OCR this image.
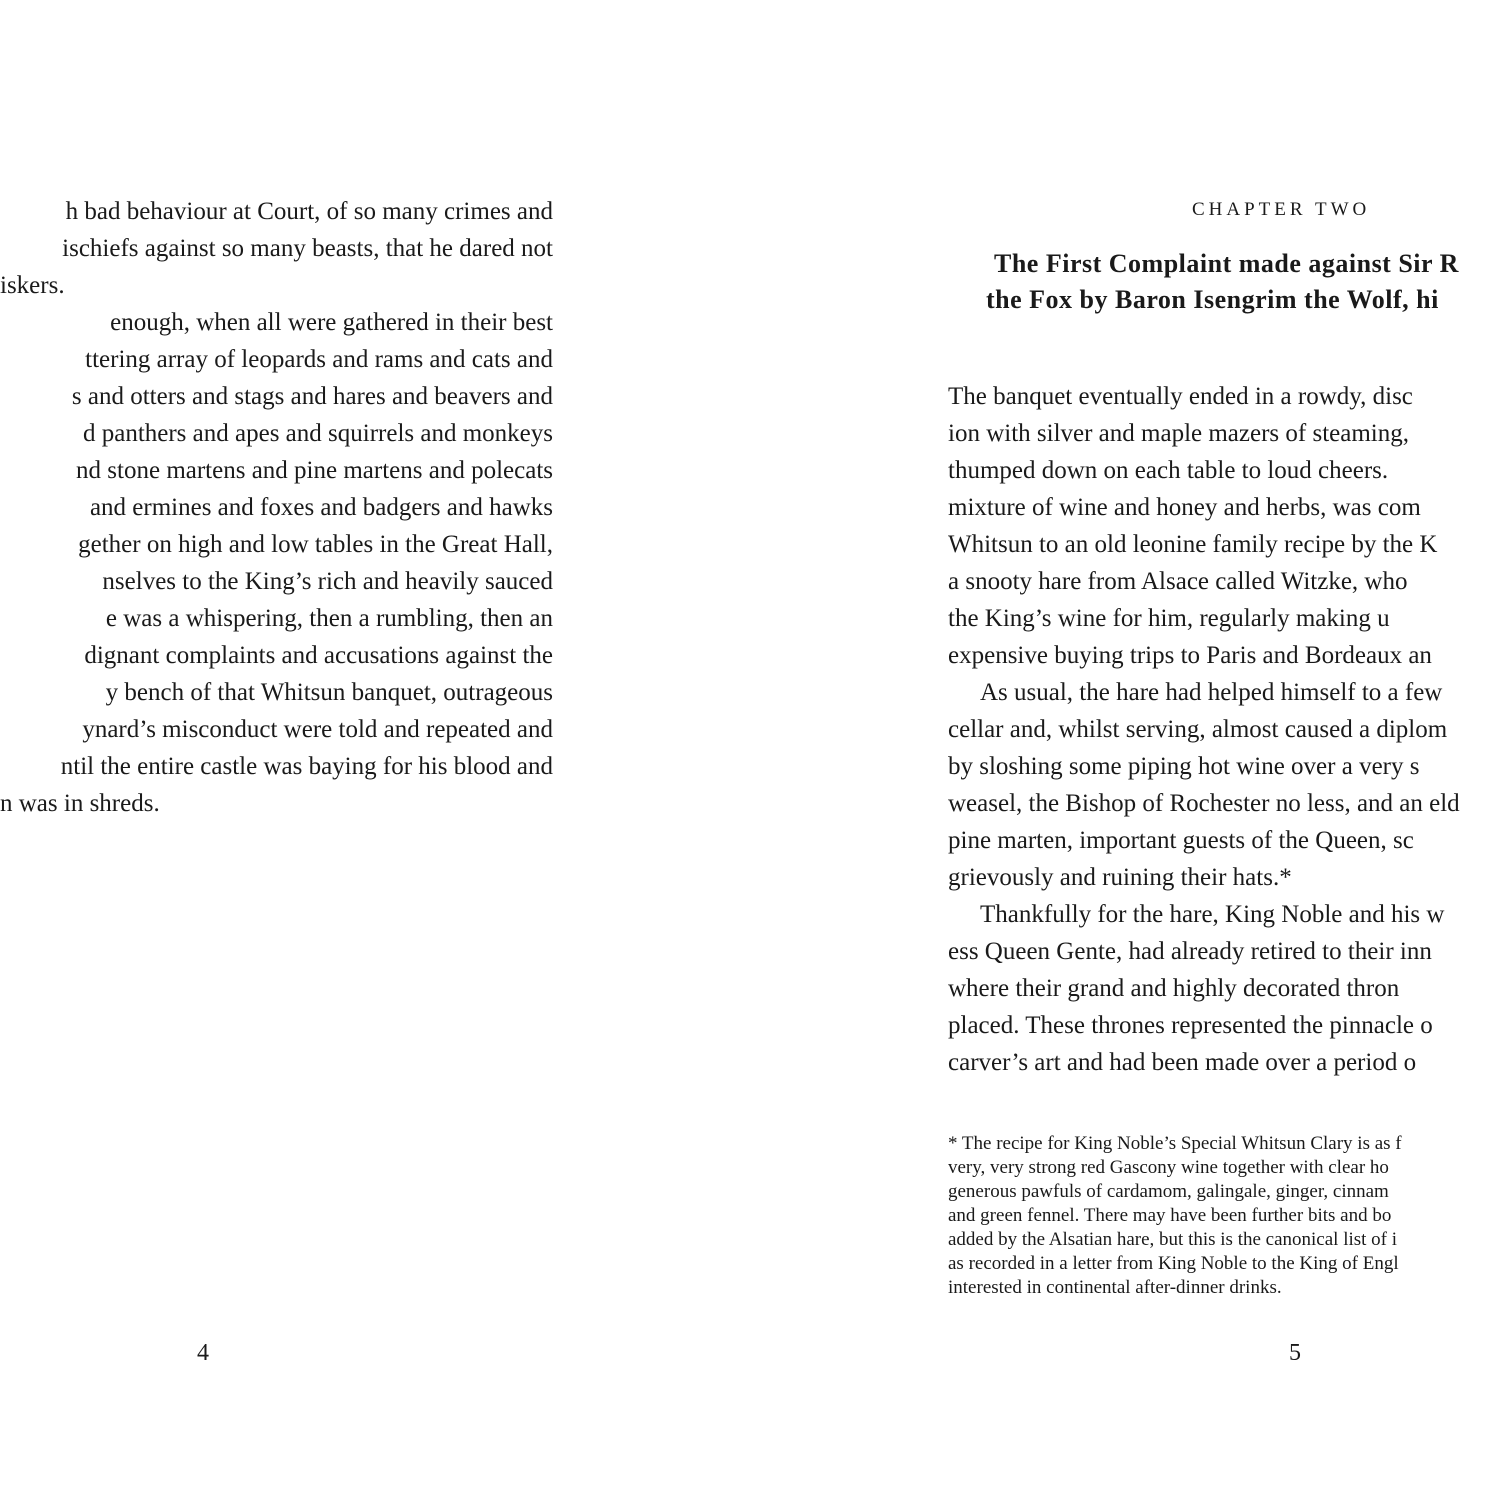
h bad behaviour at Court, of so many crimes and

ischiefs against so many beasts, that he dared not

iskers.

enough, when all were gathered in their best

ttering array of leopards and rams and cats and

s and otters and stags and hares and beavers and

d panthers and apes and squirrels and monkeys

nd stone martens and pine martens and polecats

and ermines and foxes and badgers and hawks

gether on high and low tables in the Great Hall,

nselves to the King’s rich and heavily sauced

e was a whispering, then a rumbling, then an

dignant complaints and accusations against the

y bench of that Whitsun banquet, outrageous

ynard’s misconduct were told and repeated and

ntil the entire castle was baying for his blood and

n was in shreds.

4

CHAPTER TWO

The First Complaint made against Sir R

the Fox by Baron Isengrim the Wolf, hi

The banquet eventually ended in a rowdy, disc

ion with silver and maple mazers of steaming,

thumped down on each table to loud cheers.

mixture of wine and honey and herbs, was com

Whitsun to an old leonine family recipe by the K

a snooty hare from Alsace called Witzke, who

the King’s wine for him, regularly making u

expensive buying trips to Paris and Bordeaux an

As usual, the hare had helped himself to a few

cellar and, whilst serving, almost caused a diplom

by sloshing some piping hot wine over a very s

weasel, the Bishop of Rochester no less, and an eld

pine marten, important guests of the Queen, sc

grievously and ruining their hats.*

Thankfully for the hare, King Noble and his w

ess Queen Gente, had already retired to their inn

where their grand and highly decorated thron

placed. These thrones represented the pinnacle o

carver’s art and had been made over a period o

* The recipe for King Noble’s Special Whitsun Clary is as f

very, very strong red Gascony wine together with clear ho

generous pawfuls of cardamom, galingale, ginger, cinnam

and green fennel. There may have been further bits and bo

added by the Alsatian hare, but this is the canonical list of i

as recorded in a letter from King Noble to the King of Engl

interested in continental after-dinner drinks.

5
